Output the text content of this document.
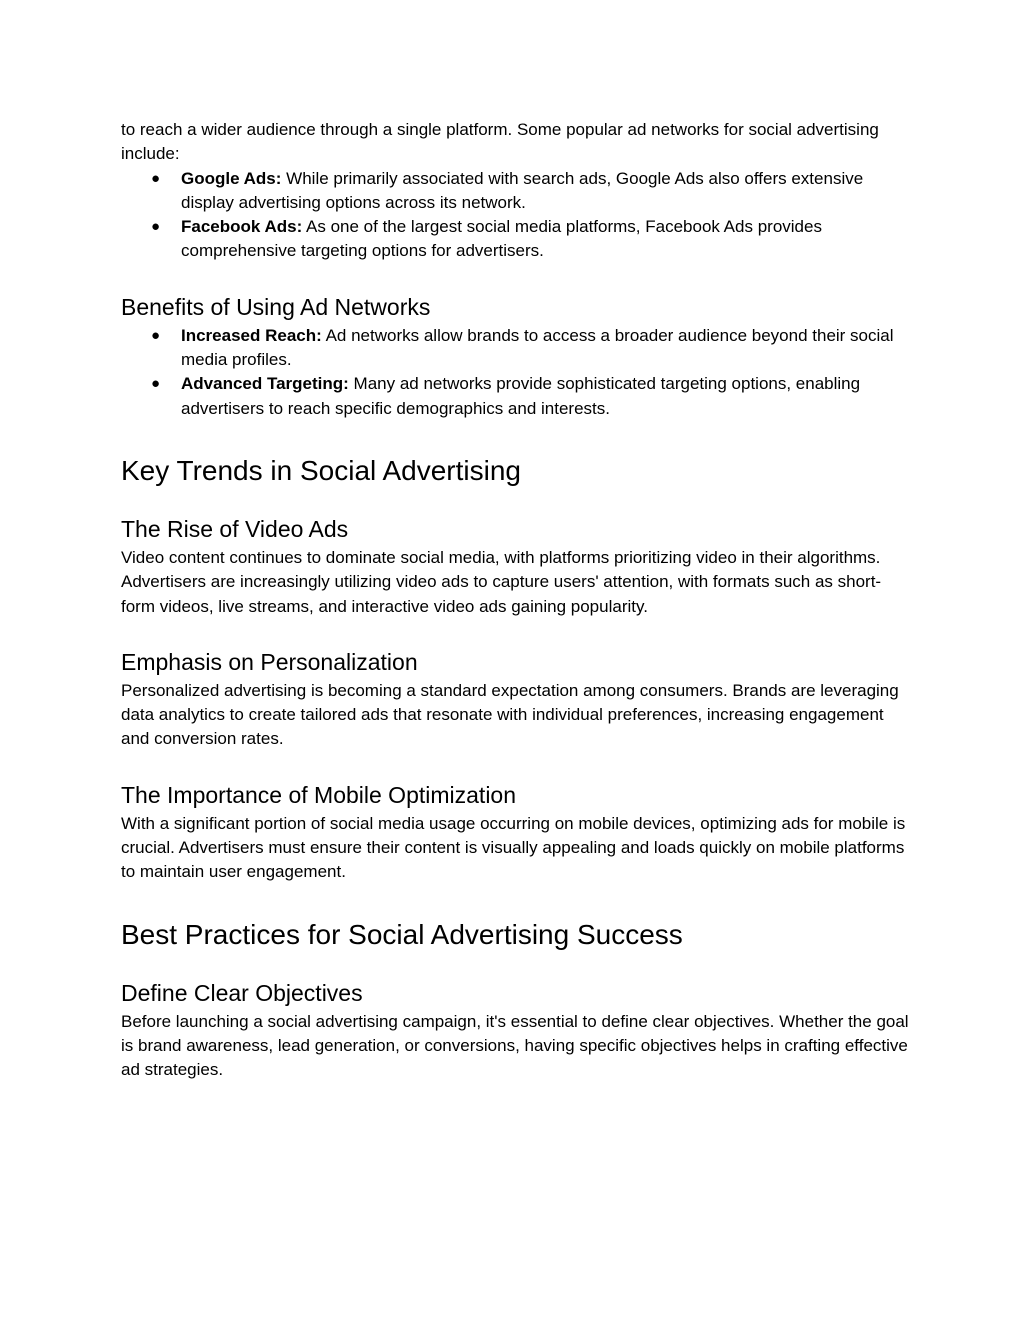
to reach a wider audience through a single platform. Some popular ad networks for social advertising include:

● Google Ads: While primarily associated with search ads, Google Ads also offers extensive display advertising options across its network.
● Facebook Ads: As one of the largest social media platforms, Facebook Ads provides comprehensive targeting options for advertisers.
Benefits of Using Ad Networks
● Increased Reach: Ad networks allow brands to access a broader audience beyond their social media profiles.
● Advanced Targeting: Many ad networks provide sophisticated targeting options, enabling advertisers to reach specific demographics and interests.
Key Trends in Social Advertising
The Rise of Video Ads

Video content continues to dominate social media, with platforms prioritizing video in their algorithms. Advertisers are increasingly utilizing video ads to capture users' attention, with formats such as short-form videos, live streams, and interactive video ads gaining popularity.

Emphasis on Personalization

Personalized advertising is becoming a standard expectation among consumers. Brands are leveraging data analytics to create tailored ads that resonate with individual preferences, increasing engagement and conversion rates.

The Importance of Mobile Optimization

With a significant portion of social media usage occurring on mobile devices, optimizing ads for mobile is crucial. Advertisers must ensure their content is visually appealing and loads quickly on mobile platforms to maintain user engagement.

Best Practices for Social Advertising Success
Define Clear Objectives

Before launching a social advertising campaign, it's essential to define clear objectives. Whether the goal is brand awareness, lead generation, or conversions, having specific objectives helps in crafting effective ad strategies.
